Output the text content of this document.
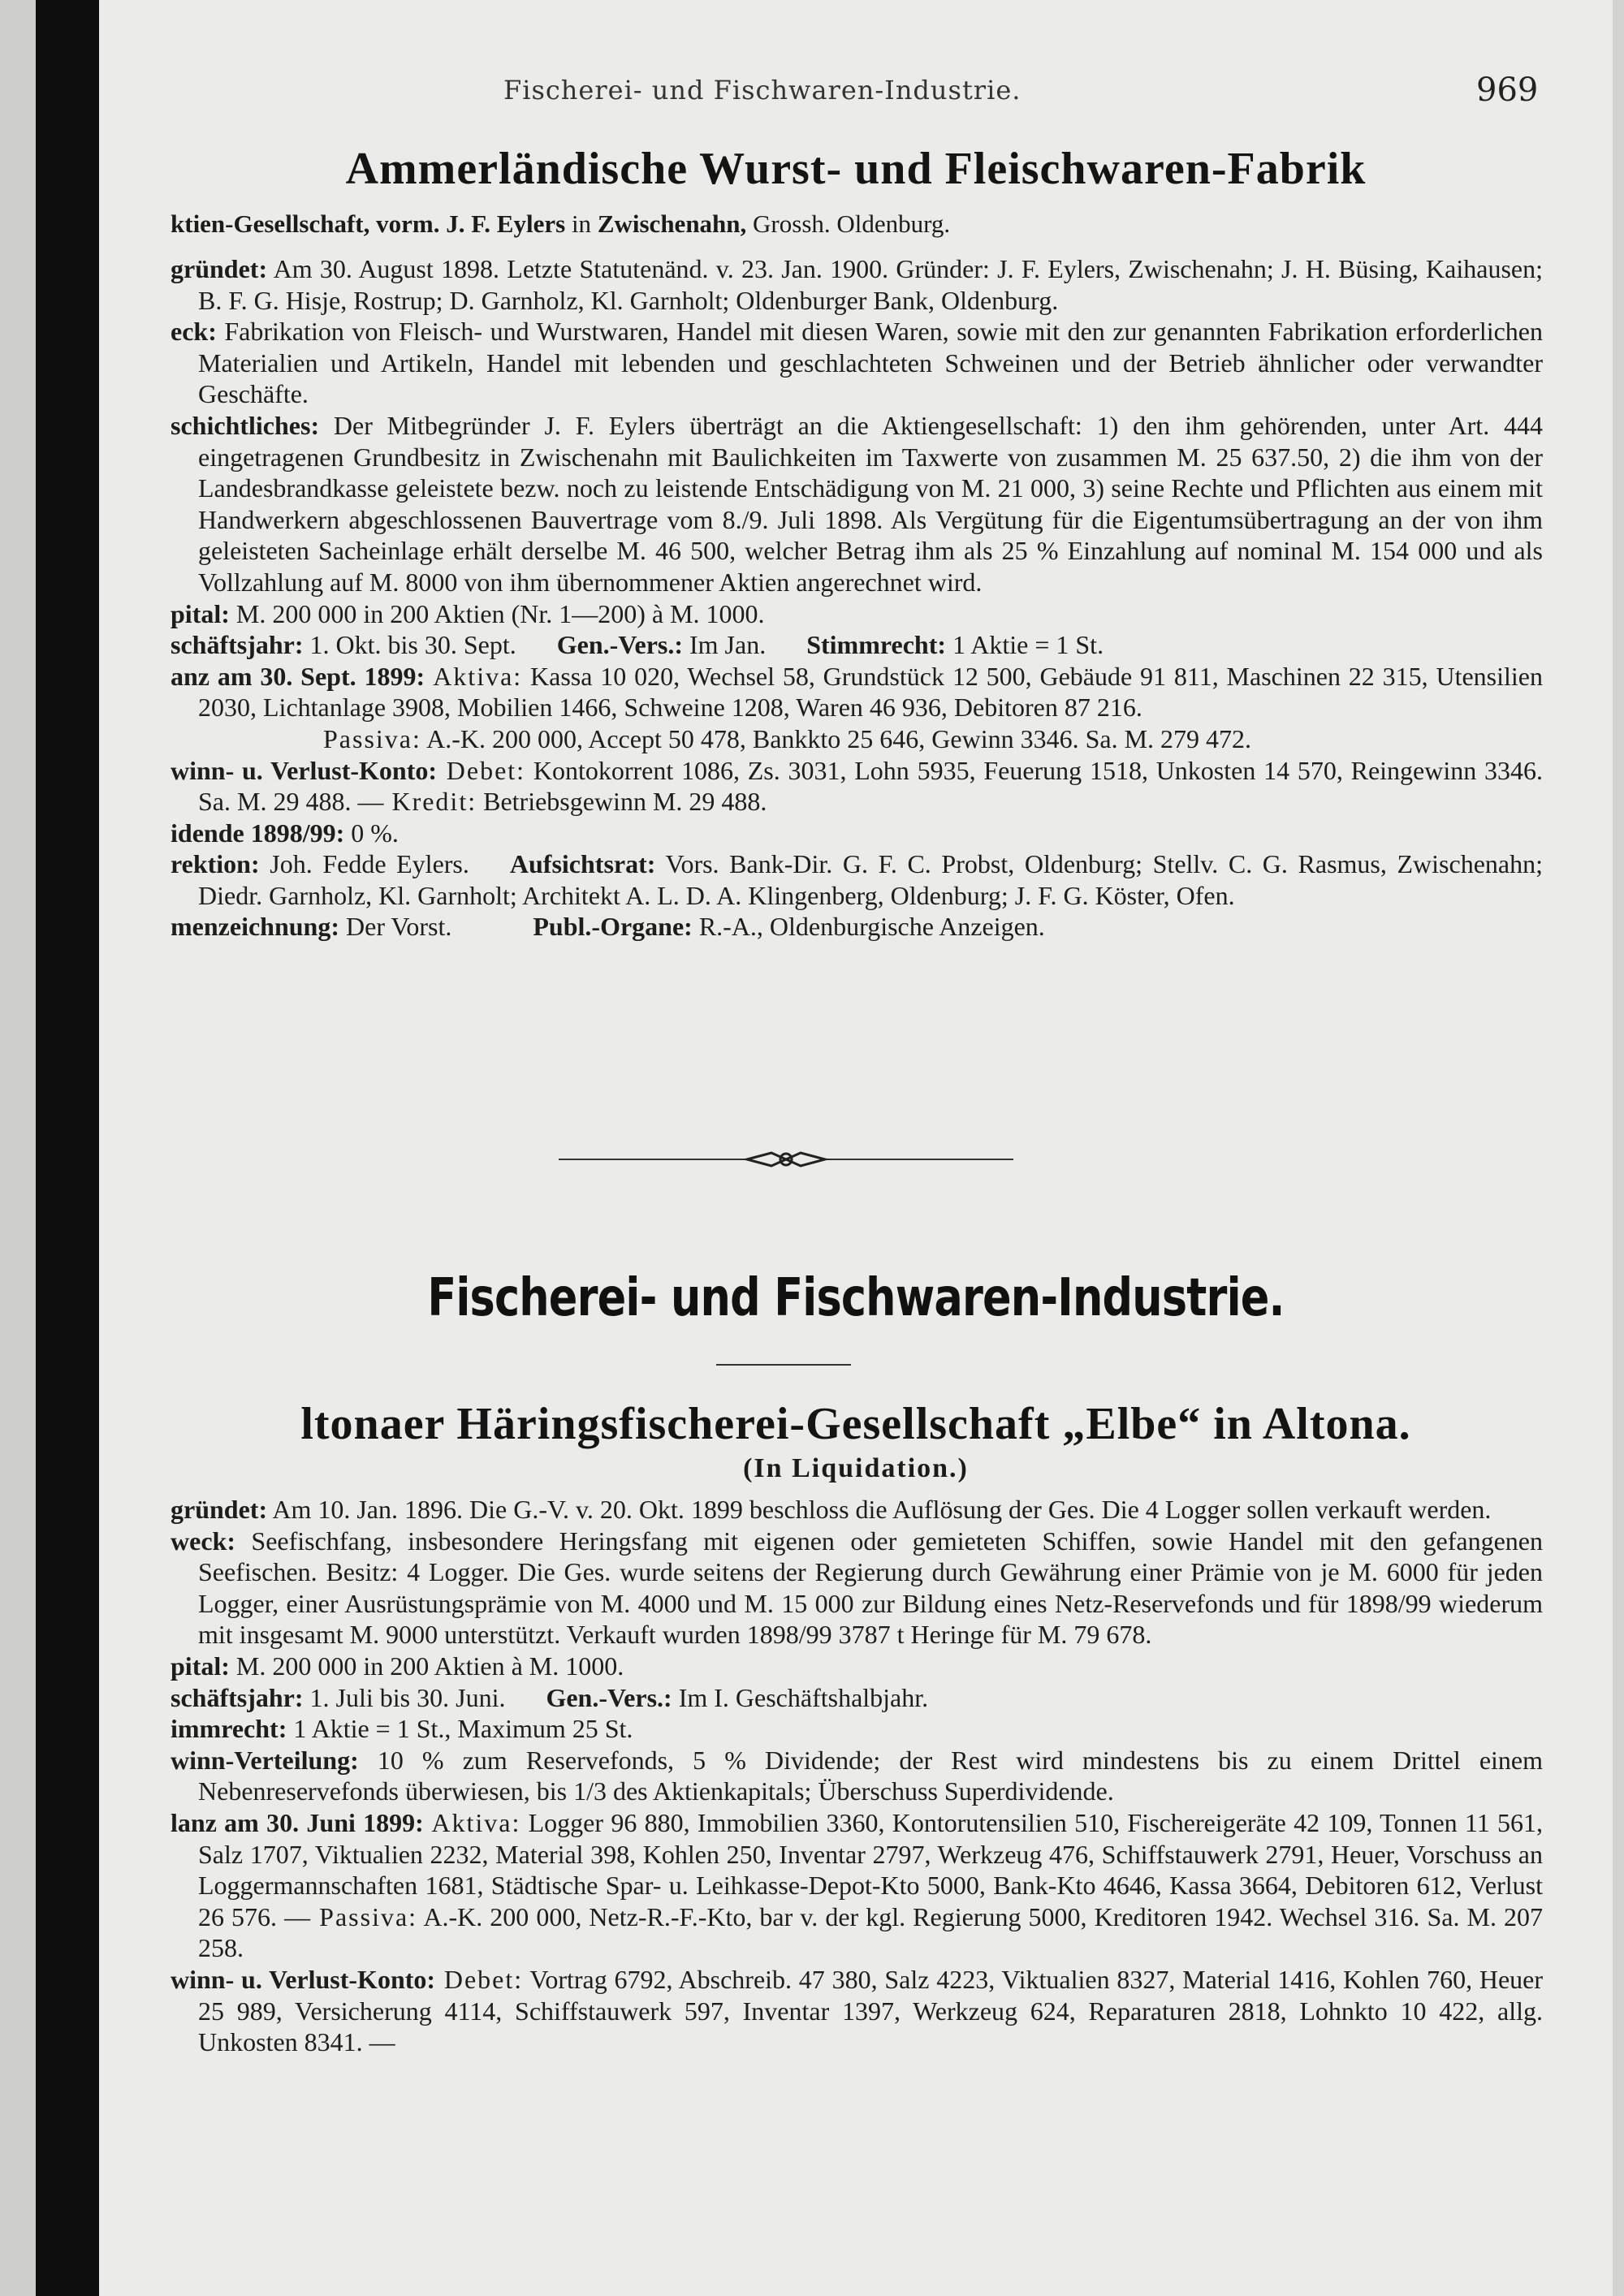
Fischerei- und Fischwaren-Industrie.	969
Ammerländische Wurst- und Fleischwaren-Fabrik
ktien-Gesellschaft, vorm. J. F. Eylers in Zwischenahn, Grossh. Oldenburg.

gründet: Am 30. August 1898. Letzte Statutenänd. v. 23. Jan. 1900. Gründer: J. F. Eylers, Zwischenahn; J. H. Büsing, Kaihausen; B. F. G. Hisje, Rostrup; D. Garnholz, Kl. Garnholt; Oldenburger Bank, Oldenburg.

eck: Fabrikation von Fleisch- und Wurstwaren, Handel mit diesen Waren, sowie mit den zur genannten Fabrikation erforderlichen Materialien und Artikeln, Handel mit lebenden und geschlachteten Schweinen und der Betrieb ähnlicher oder verwandter Geschäfte.

schichtliches: Der Mitbegründer J. F. Eylers überträgt an die Aktiengesellschaft: 1) den ihm gehörenden, unter Art. 444 eingetragenen Grundbesitz in Zwischenahn mit Baulichkeiten im Taxwerte von zusammen M. 25 637.50, 2) die ihm von der Landesbrandkasse geleistete bezw. noch zu leistende Entschädigung von M. 21 000, 3) seine Rechte und Pflichten aus einem mit Handwerkern abgeschlossenen Bauvertrage vom 8./9. Juli 1898. Als Vergütung für die Eigentumsübertragung an der von ihm geleisteten Sacheinlage erhält derselbe M. 46 500, welcher Betrag ihm als 25 % Einzahlung auf nominal M. 154 000 und als Vollzahlung auf M. 8000 von ihm übernommener Aktien angerechnet wird.

pital: M. 200 000 in 200 Aktien (Nr. 1—200) à M. 1000.

schäftsjahr: 1. Okt. bis 30. Sept. Gen.-Vers.: Im Jan. Stimmrecht: 1 Aktie = 1 St.

anz am 30. Sept. 1899: Aktiva: Kassa 10 020, Wechsel 58, Grundstück 12 500, Gebäude 91 811, Maschinen 22 315, Utensilien 2030, Lichtanlage 3908, Mobilien 1466, Schweine 1208, Waren 46 936, Debitoren 87 216.
Passiva: A.-K. 200 000, Accept 50 478, Bankkto 25 646, Gewinn 3346. Sa. M. 279 472.

winn- u. Verlust-Konto: Debet: Kontokorrent 1086, Zs. 3031, Lohn 5935, Feuerung 1518, Unkosten 14 570, Reingewinn 3346. Sa. M. 29 488. — Kredit: Betriebsgewinn M. 29 488.

idende 1898/99: 0 %.

rektion: Joh. Fedde Eylers. Aufsichtsrat: Vors. Bank-Dir. G. F. C. Probst, Oldenburg; Stellv. C. G. Rasmus, Zwischenahn; Diedr. Garnholz, Kl. Garnholt; Architekt A. L. D. A. Klingenberg, Oldenburg; J. F. G. Köster, Ofen.

menzeichnung: Der Vorst.	Publ.-Organe: R.-A., Oldenburgische Anzeigen.

Fischerei- und Fischwaren-Industrie.
ltonaer Häringsfischerei-Gesellschaft „Elbe“ in Altona.
(In Liquidation.)

gründet: Am 10. Jan. 1896. Die G.-V. v. 20. Okt. 1899 beschloss die Auflösung der Ges. Die 4 Logger sollen verkauft werden.

weck: Seefischfang, insbesondere Heringsfang mit eigenen oder gemieteten Schiffen, sowie Handel mit den gefangenen Seefischen. Besitz: 4 Logger. Die Ges. wurde seitens der Regierung durch Gewährung einer Prämie von je M. 6000 für jeden Logger, einer Ausrüstungsprämie von M. 4000 und M. 15 000 zur Bildung eines Netz-Reservefonds und für 1898/99 wiederum mit insgesamt M. 9000 unterstützt. Verkauft wurden 1898/99 3787 t Heringe für M. 79 678.

pital: M. 200 000 in 200 Aktien à M. 1000.

schäftsjahr: 1. Juli bis 30. Juni. Gen.-Vers.: Im I. Geschäftshalbjahr.

immrecht: 1 Aktie = 1 St., Maximum 25 St.

winn-Verteilung: 10 % zum Reservefonds, 5 % Dividende; der Rest wird mindestens bis zu einem Drittel einem Nebenreservefonds überwiesen, bis 1/3 des Aktienkapitals; Überschuss Superdividende.

lanz am 30. Juni 1899: Aktiva: Logger 96 880, Immobilien 3360, Kontorutensilien 510, Fischereigeräte 42 109, Tonnen 11 561, Salz 1707, Viktualien 2232, Material 398, Kohlen 250, Inventar 2797, Werkzeug 476, Schiffstauwerk 2791, Heuer, Vorschuss an Loggermannschaften 1681, Städtische Spar- u. Leihkasse-Depot-Kto 5000, Bank-Kto 4646, Kassa 3664, Debitoren 612, Verlust 26 576. — Passiva: A.-K. 200 000, Netz-R.-F.-Kto, bar v. der kgl. Regierung 5000, Kreditoren 1942. Wechsel 316. Sa. M. 207 258.

winn- u. Verlust-Konto: Debet: Vortrag 6792, Abschreib. 47 380, Salz 4223, Viktualien 8327, Material 1416, Kohlen 760, Heuer 25 989, Versicherung 4114, Schiffstauwerk 597, Inventar 1397, Werkzeug 624, Reparaturen 2818, Lohnkto 10 422, allg. Unkosten 8341. —
